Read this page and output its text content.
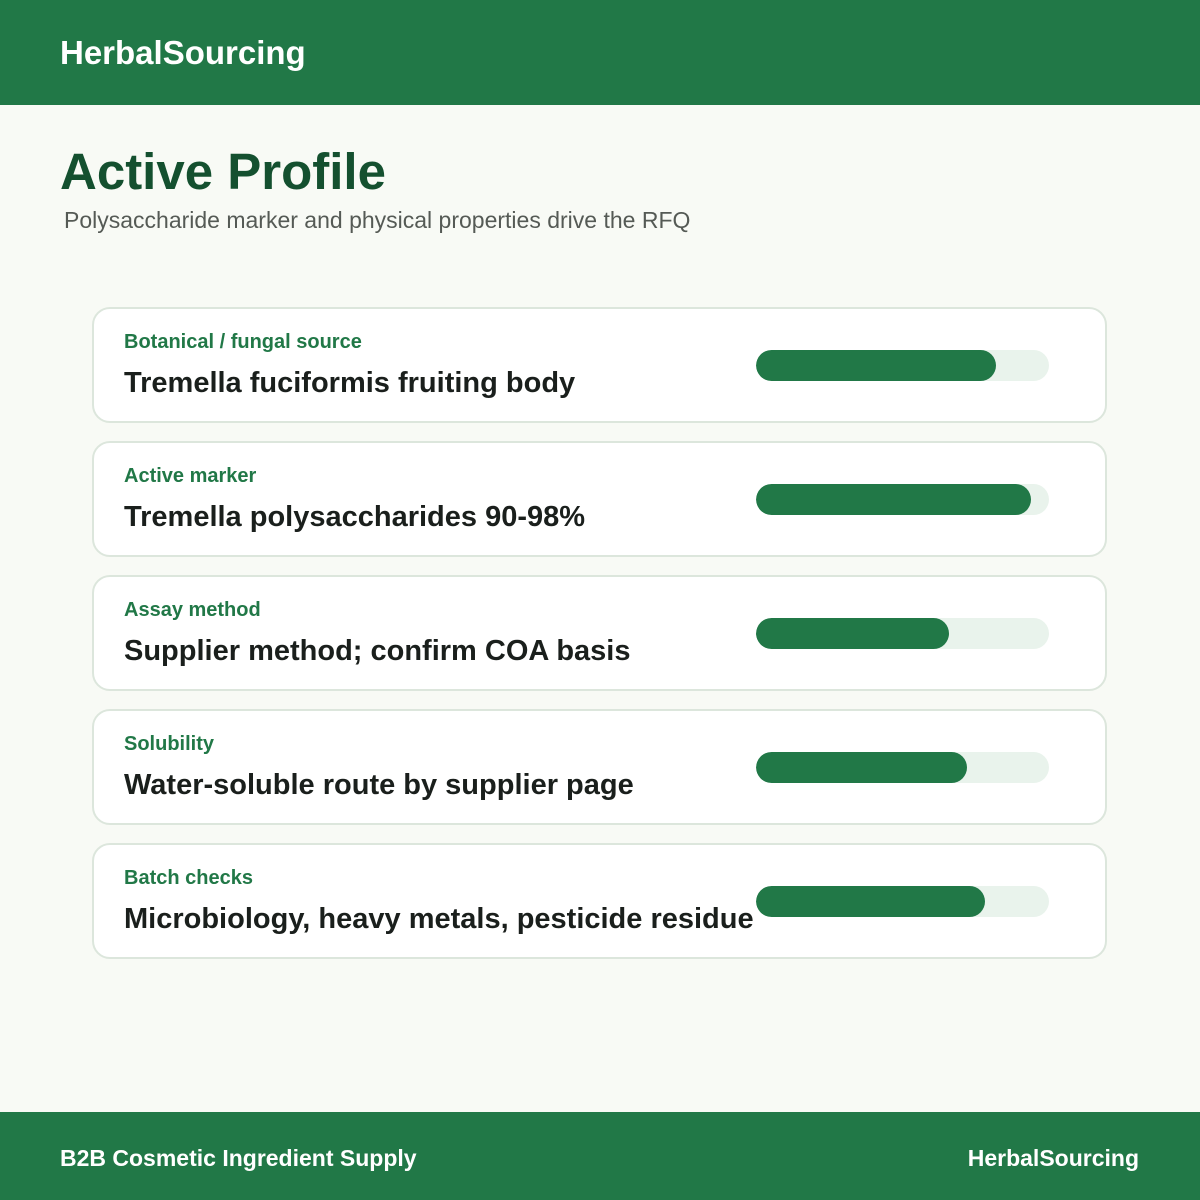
HerbalSourcing
Active Profile
Polysaccharide marker and physical properties drive the RFQ
Botanical / fungal source
Tremella fuciformis fruiting body
Active marker
Tremella polysaccharides 90-98%
Assay method
Supplier method; confirm COA basis
Solubility
Water-soluble route by supplier page
Batch checks
Microbiology, heavy metals, pesticide residue
B2B Cosmetic Ingredient Supply	HerbalSourcing
